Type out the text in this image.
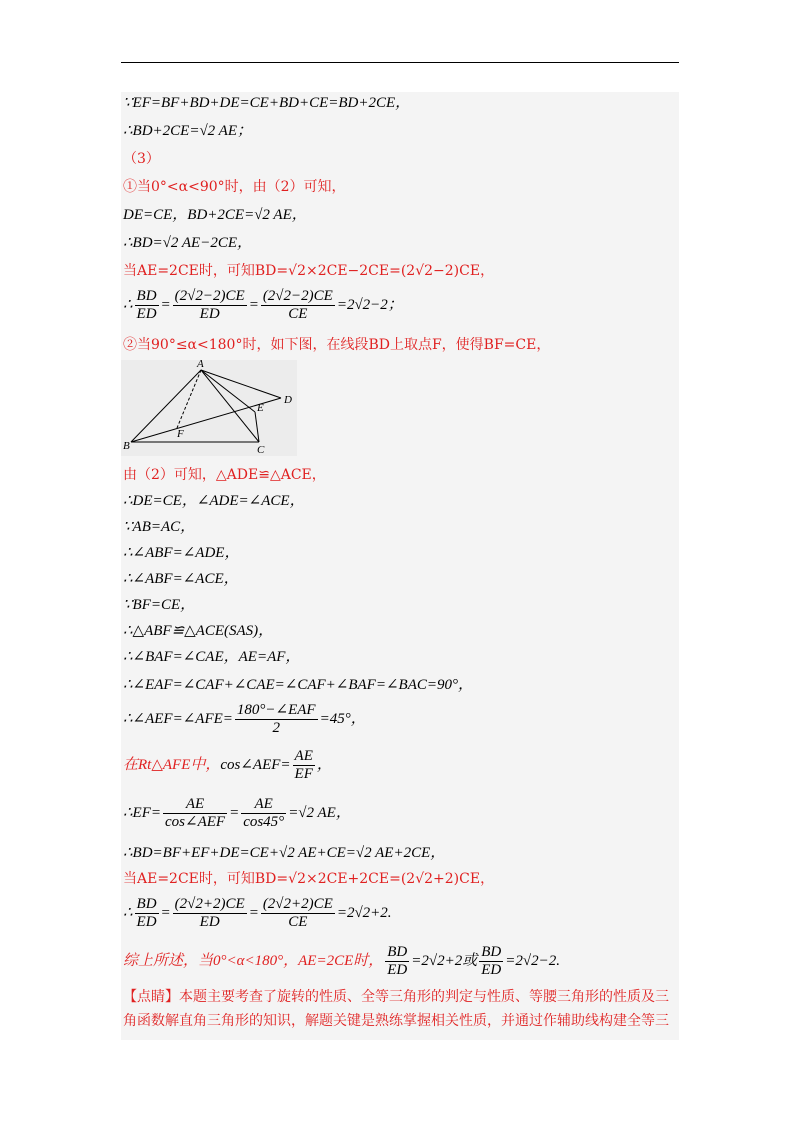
∵EF=BF+BD+DE=CE+BD+CE=BD+2CE，
∴BD+2CE=√2 AE；
（3）
①当0°<α<90°时，由（2）可知，
DE=CE，BD+2CE=√2 AE，
∴BD=√2 AE−2CE，
当AE=2CE时，可知BD=√2×2CE−2CE=(2√2−2)CE，
∴ $\frac{BD}{ED} = \frac{(2√2-2)CE}{ED} = \frac{(2√2-2)CE}{CE} =2√2-2$；
②当90°≤α<180°时，如下图，在线段BD上取点F，使得BF=CE，
A
B	C
D
E
F
由（2）可知，△ADE≌△ACE，
∴DE=CE，∠ADE=∠ACE，
∵AB=AC，
∴∠ABF=∠ADE，
∴∠ABF=∠ACE，
∵BF=CE，
∴△ABF≌△ACE(SAS)，
∴∠BAF=∠CAE，AE=AF，
∴∠EAF=∠CAF+∠CAE=∠CAF+∠BAF=∠BAC=90°，
∴∠AEF=∠AFE= $\frac{\text{180°−∠EAF}}{2} =45^\circ$，
在Rt△AFE中，cos∠AEF= $\frac{AE}{EF}$ ，
∴EF= $\frac{AE}{\text{cos∠AEF}} = \frac{AE}{\cos 45^\circ} =√2$ AE，
∴BD=BF+EF+DE=CE+√2 AE+CE=√2 AE+2CE，
当AE=2CE时，可知BD=√2×2CE+2CE=(2√2+2)CE，
∴ $\frac{BD}{ED} = \frac{(2√2+2)CE}{ED} = \frac{(2√2+2)CE}{CE} =2√2+2$.
综上所述，当0°<α<180°，AE=2CE时， $\frac{BD}{ED} =2√2+2$或 $\frac{BD}{ED} =2√2-2$.
【点睛】本题主要考查了旋转的性质、全等三角形的判定与性质、等腰三角形的性质及三角函数解直角三角形的知识，解题关键是熟练掌握相关性质，并通过作辅助线构建全等三
